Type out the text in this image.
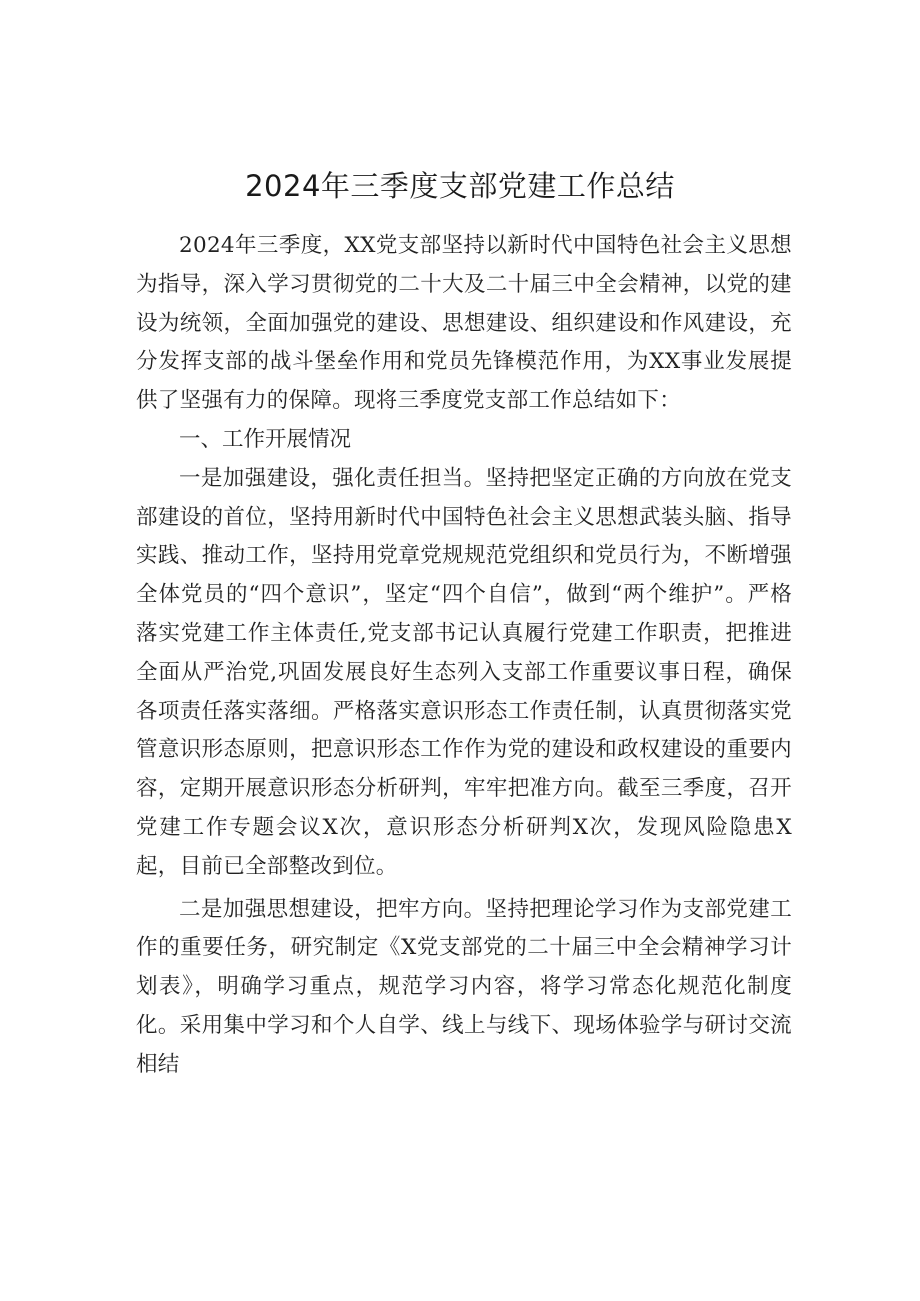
2024年三季度支部党建工作总结

2024年三季度，XX党支部坚持以新时代中国特色社会主义思想为指导，深入学习贯彻党的二十大及二十届三中全会精神，以党的建设为统领，全面加强党的建设、思想建设、组织建设和作风建设，充分发挥支部的战斗堡垒作用和党员先锋模范作用，为XX事业发展提供了坚强有力的保障。现将三季度党支部工作总结如下：

一、工作开展情况

一是加强建设，强化责任担当。坚持把坚定正确的方向放在党支部建设的首位，坚持用新时代中国特色社会主义思想武装头脑、指导实践、推动工作，坚持用党章党规规范党组织和党员行为，不断增强全体党员的“四个意识”，坚定“四个自信”，做到“两个维护”。严格落实党建工作主体责任,党支部书记认真履行党建工作职责，把推进全面从严治党,巩固发展良好生态列入支部工作重要议事日程，确保各项责任落实落细。严格落实意识形态工作责任制，认真贯彻落实党管意识形态原则，把意识形态工作作为党的建设和政权建设的重要内容，定期开展意识形态分析研判，牢牢把准方向。截至三季度，召开党建工作专题会议X次，意识形态分析研判X次，发现风险隐患X起，目前已全部整改到位。

二是加强思想建设，把牢方向。坚持把理论学习作为支部党建工作的重要任务，研究制定《X党支部党的二十届三中全会精神学习计划表》，明确学习重点，规范学习内容，将学习常态化规范化制度化。采用集中学习和个人自学、线上与线下、现场体验学与研讨交流相结
